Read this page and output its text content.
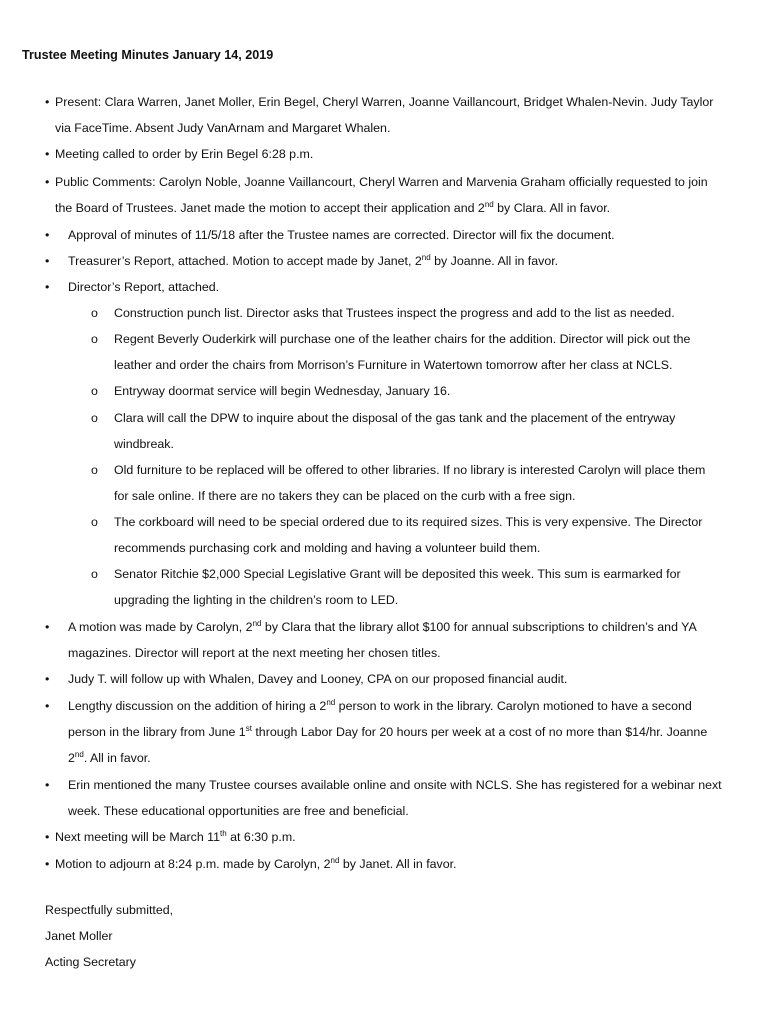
Trustee Meeting Minutes January 14, 2019
• Present: Clara Warren, Janet Moller, Erin Begel, Cheryl Warren, Joanne Vaillancourt, Bridget Whalen-Nevin. Judy Taylor
via FaceTime. Absent Judy VanArnam and Margaret Whalen.
• Meeting called to order by Erin Begel 6:28 p.m.
• Public Comments: Carolyn Noble, Joanne Vaillancourt, Cheryl Warren and Marvenia Graham officially requested to join
the Board of Trustees. Janet made the motion to accept their application and 2nd by Clara. All in favor.
• Approval of minutes of 11/5/18 after the Trustee names are corrected. Director will fix the document.
• Treasurer’s Report, attached. Motion to accept made by Janet, 2nd by Joanne. All in favor.
• Director’s Report, attached.
o Construction punch list. Director asks that Trustees inspect the progress and add to the list as needed.
o Regent Beverly Ouderkirk will purchase one of the leather chairs for the addition. Director will pick out the
leather and order the chairs from Morrison’s Furniture in Watertown tomorrow after her class at NCLS.
o Entryway doormat service will begin Wednesday, January 16.
o Clara will call the DPW to inquire about the disposal of the gas tank and the placement of the entryway
windbreak.
o Old furniture to be replaced will be offered to other libraries. If no library is interested Carolyn will place them
for sale online. If there are no takers they can be placed on the curb with a free sign.
o The corkboard will need to be special ordered due to its required sizes. This is very expensive. The Director
recommends purchasing cork and molding and having a volunteer build them.
o Senator Ritchie $2,000 Special Legislative Grant will be deposited this week. This sum is earmarked for
upgrading the lighting in the children’s room to LED.
• A motion was made by Carolyn, 2nd by Clara that the library allot $100 for annual subscriptions to children’s and YA
magazines. Director will report at the next meeting her chosen titles.
• Judy T. will follow up with Whalen, Davey and Looney, CPA on our proposed financial audit.
• Lengthy discussion on the addition of hiring a 2nd person to work in the library. Carolyn motioned to have a second
person in the library from June 1st through Labor Day for 20 hours per week at a cost of no more than $14/hr. Joanne
2nd. All in favor.
• Erin mentioned the many Trustee courses available online and onsite with NCLS. She has registered for a webinar next
week. These educational opportunities are free and beneficial.
• Next meeting will be March 11th at 6:30 p.m.
• Motion to adjourn at 8:24 p.m. made by Carolyn, 2nd by Janet. All in favor.
Respectfully submitted,
Janet Moller
Acting Secretary
